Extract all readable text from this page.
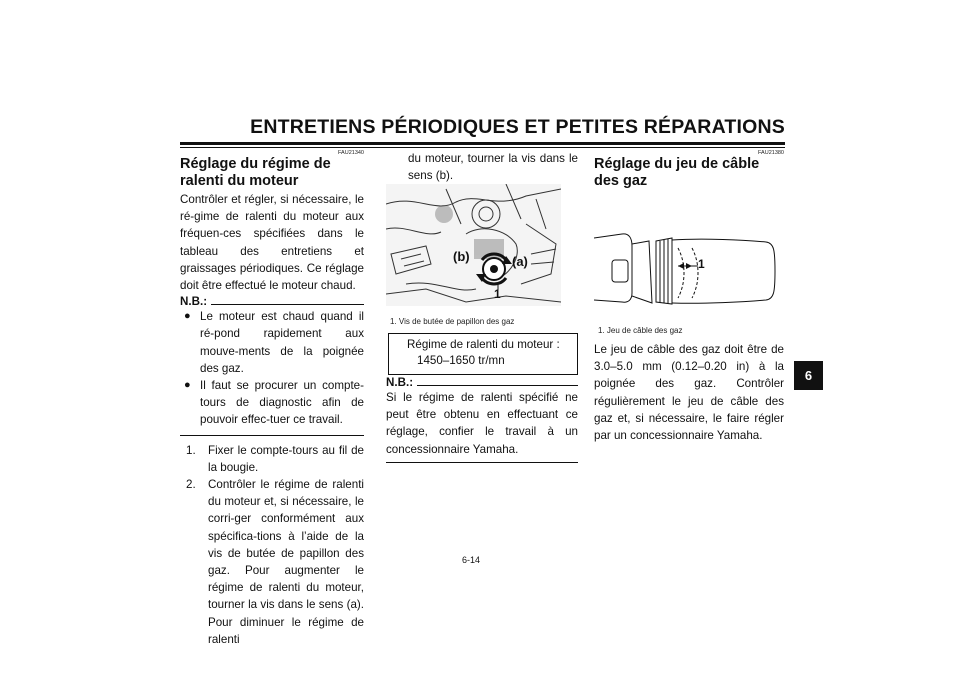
ENTRETIENS PÉRIODIQUES ET PETITES RÉPARATIONS
6
FAU21340
Réglage du régime de ralenti du moteur
Contrôler et régler, si nécessaire, le ré-gime de ralenti du moteur aux fréquen-ces spécifiées dans le tableau des entretiens et graissages périodiques. Ce réglage doit être effectué le moteur chaud.
N.B.:
● Le moteur est chaud quand il ré-pond rapidement aux mouve-ments de la poignée des gaz.
● Il faut se procurer un compte-tours de diagnostic afin de pouvoir effec-tuer ce travail.
1.	Fixer le compte-tours au fil de la bougie.
2.	Contrôler le régime de ralenti du moteur et, si nécessaire, le corri-ger conformément aux spécifica-tions à l’aide de la vis de butée de papillon des gaz. Pour augmenter le régime de ralenti du moteur, tourner la vis dans le sens (a). Pour diminuer le régime de ralenti
du moteur, tourner la vis dans le sens (b).
(b)	(a)
1
1. Vis de butée de papillon des gaz
Régime de ralenti du moteur :
1450–1650 tr/mn
N.B.:
Si le régime de ralenti spécifié ne peut être obtenu en effectuant ce réglage, confier le travail à un concessionnaire Yamaha.
FAU21380
Réglage du jeu de câble des gaz
1
1. Jeu de câble des gaz
Le jeu de câble des gaz doit être de 3.0–5.0 mm (0.12–0.20 in) à la poignée des gaz. Contrôler régulièrement le jeu de câble des gaz et, si nécessaire, le faire régler par un concessionnaire Yamaha.
6-14
